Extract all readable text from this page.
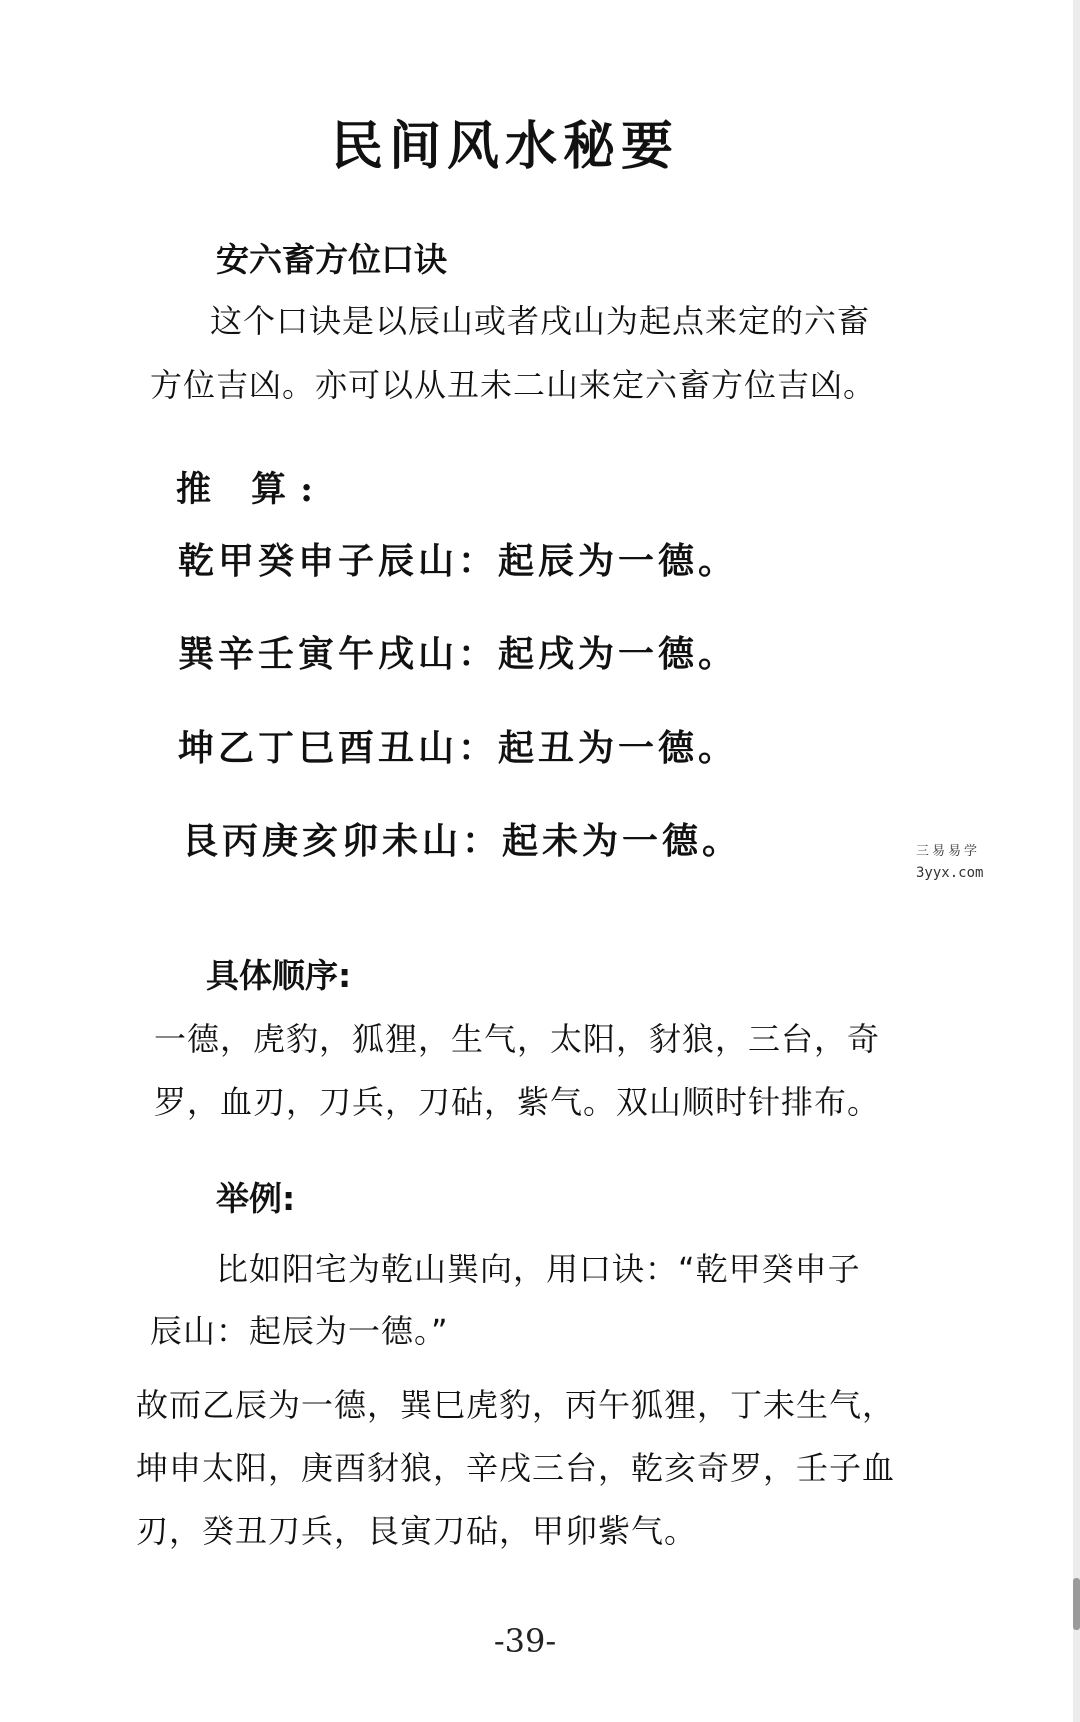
民间风水秘要
安六畜方位口诀
这个口诀是以辰山或者戌山为起点来定的六畜
方位吉凶。亦可以从丑未二山来定六畜方位吉凶。
推 算:
乾甲癸申子辰山：起辰为一德。
巽辛壬寅午戌山：起戌为一德。
坤乙丁巳酉丑山：起丑为一德。
艮丙庚亥卯未山：起未为一德。	三易易学
3yyx.com
具体顺序:
一德，虎豹，狐狸，生气，太阳，豺狼，三台，奇
罗，血刃，刀兵，刀砧，紫气。双山顺时针排布。
举例:
比如阳宅为乾山巽向，用口诀：“乾甲癸申子
辰山：起辰为一德。”
故而乙辰为一德，巽巳虎豹，丙午狐狸，丁未生气，
坤申太阳，庚酉豺狼，辛戌三台，乾亥奇罗，壬子血
刃，癸丑刀兵，艮寅刀砧，甲卯紫气。
-39-
